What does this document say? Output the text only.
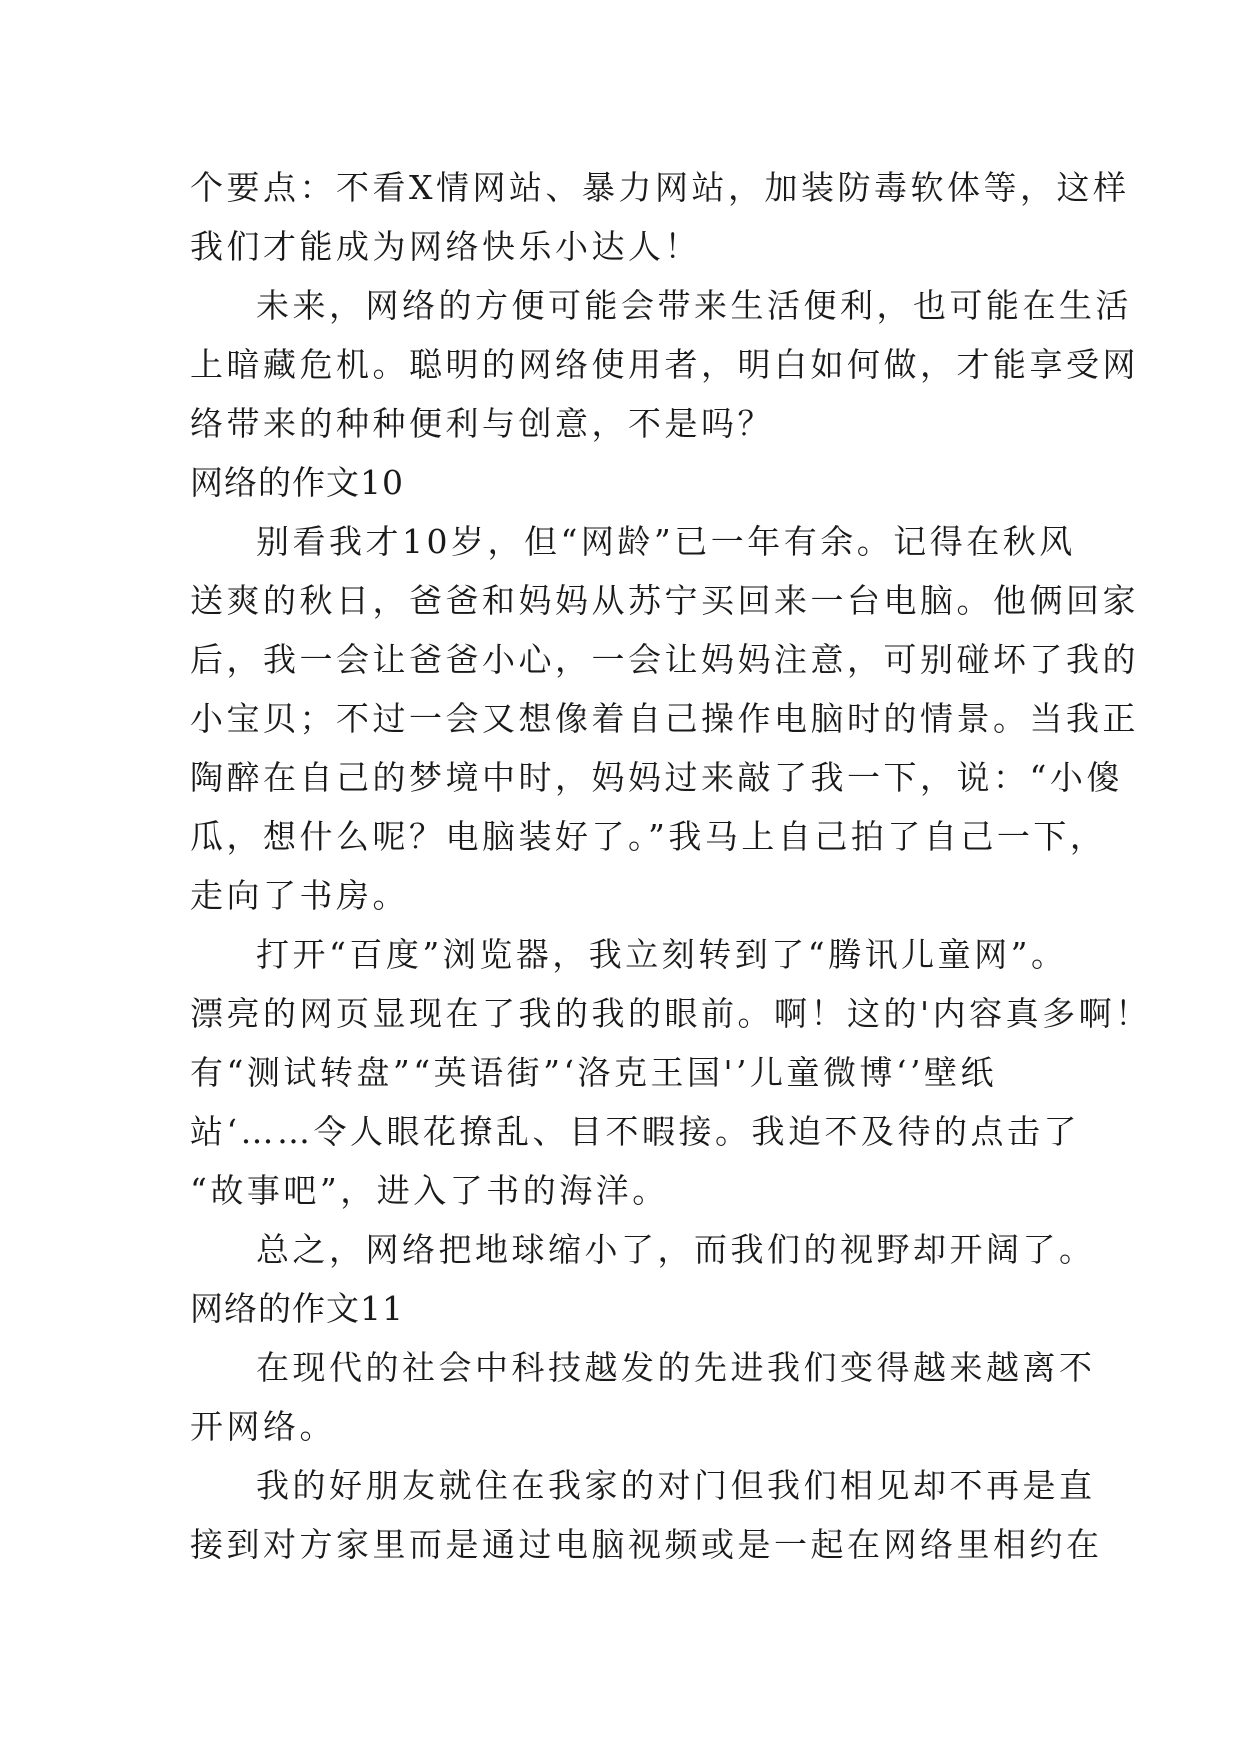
个要点：不看X情网站、暴力网站，加装防毒软体等，这样
我们才能成为网络快乐小达人！
未来，网络的方便可能会带来生活便利，也可能在生活
上暗藏危机。聪明的网络使用者，明白如何做，才能享受网
络带来的种种便利与创意，不是吗？
网络的作文10
别看我才10岁，但“网龄”已一年有余。记得在秋风
送爽的秋日，爸爸和妈妈从苏宁买回来一台电脑。他俩回家
后，我一会让爸爸小心，一会让妈妈注意，可别碰坏了我的
小宝贝；不过一会又想像着自己操作电脑时的情景。当我正
陶醉在自己的梦境中时，妈妈过来敲了我一下，说：“小傻
瓜，想什么呢？电脑装好了。”我马上自己拍了自己一下，
走向了书房。
打开“百度”浏览器，我立刻转到了“腾讯儿童网”。
漂亮的网页显现在了我的我的眼前。啊！这的'内容真多啊！
有“测试转盘”“英语街”‘洛克王国'’儿童微博‘’壁纸
站‘……令人眼花撩乱、目不暇接。我迫不及待的点击了
“故事吧”，进入了书的海洋。
总之，网络把地球缩小了，而我们的视野却开阔了。
网络的作文11
在现代的社会中科技越发的先进我们变得越来越离不
开网络。
我的好朋友就住在我家的对门但我们相见却不再是直
接到对方家里而是通过电脑视频或是一起在网络里相约在
